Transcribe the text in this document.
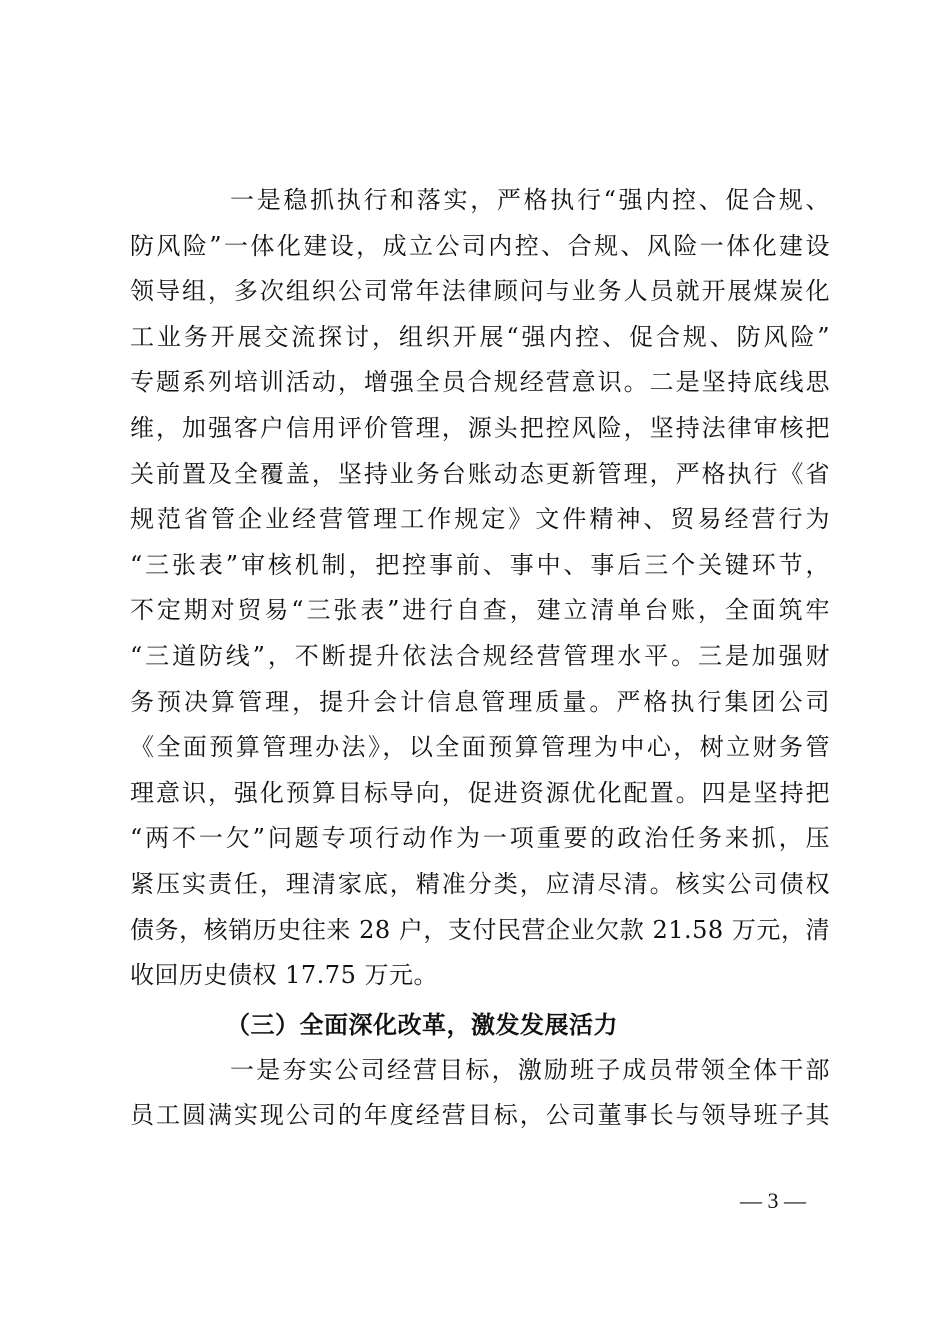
一是稳抓执行和落实，严格执行“强内控、促合规、
防风险”一体化建设，成立公司内控、合规、风险一体化建设
领导组，多次组织公司常年法律顾问与业务人员就开展煤炭化
工业务开展交流探讨，组织开展“强内控、促合规、防风险”
专题系列培训活动，增强全员合规经营意识。二是坚持底线思
维，加强客户信用评价管理，源头把控风险，坚持法律审核把
关前置及全覆盖，坚持业务台账动态更新管理，严格执行《省
规范省管企业经营管理工作规定》文件精神、贸易经营行为
“三张表”审核机制，把控事前、事中、事后三个关键环节，
不定期对贸易“三张表”进行自查，建立清单台账，全面筑牢
“三道防线”，不断提升依法合规经营管理水平。三是加强财
务预决算管理，提升会计信息管理质量。严格执行集团公司
《全面预算管理办法》，以全面预算管理为中心，树立财务管
理意识，强化预算目标导向，促进资源优化配置。四是坚持把
“两不一欠”问题专项行动作为一项重要的政治任务来抓，压
紧压实责任，理清家底，精准分类，应清尽清。核实公司债权
债务，核销历史往来 28 户，支付民营企业欠款 21.58 万元，清
收回历史债权 17.75 万元。
（三）全面深化改革，激发发展活力
一是夯实公司经营目标，激励班子成员带领全体干部
员工圆满实现公司的年度经营目标，公司董事长与领导班子其
— 3 —
